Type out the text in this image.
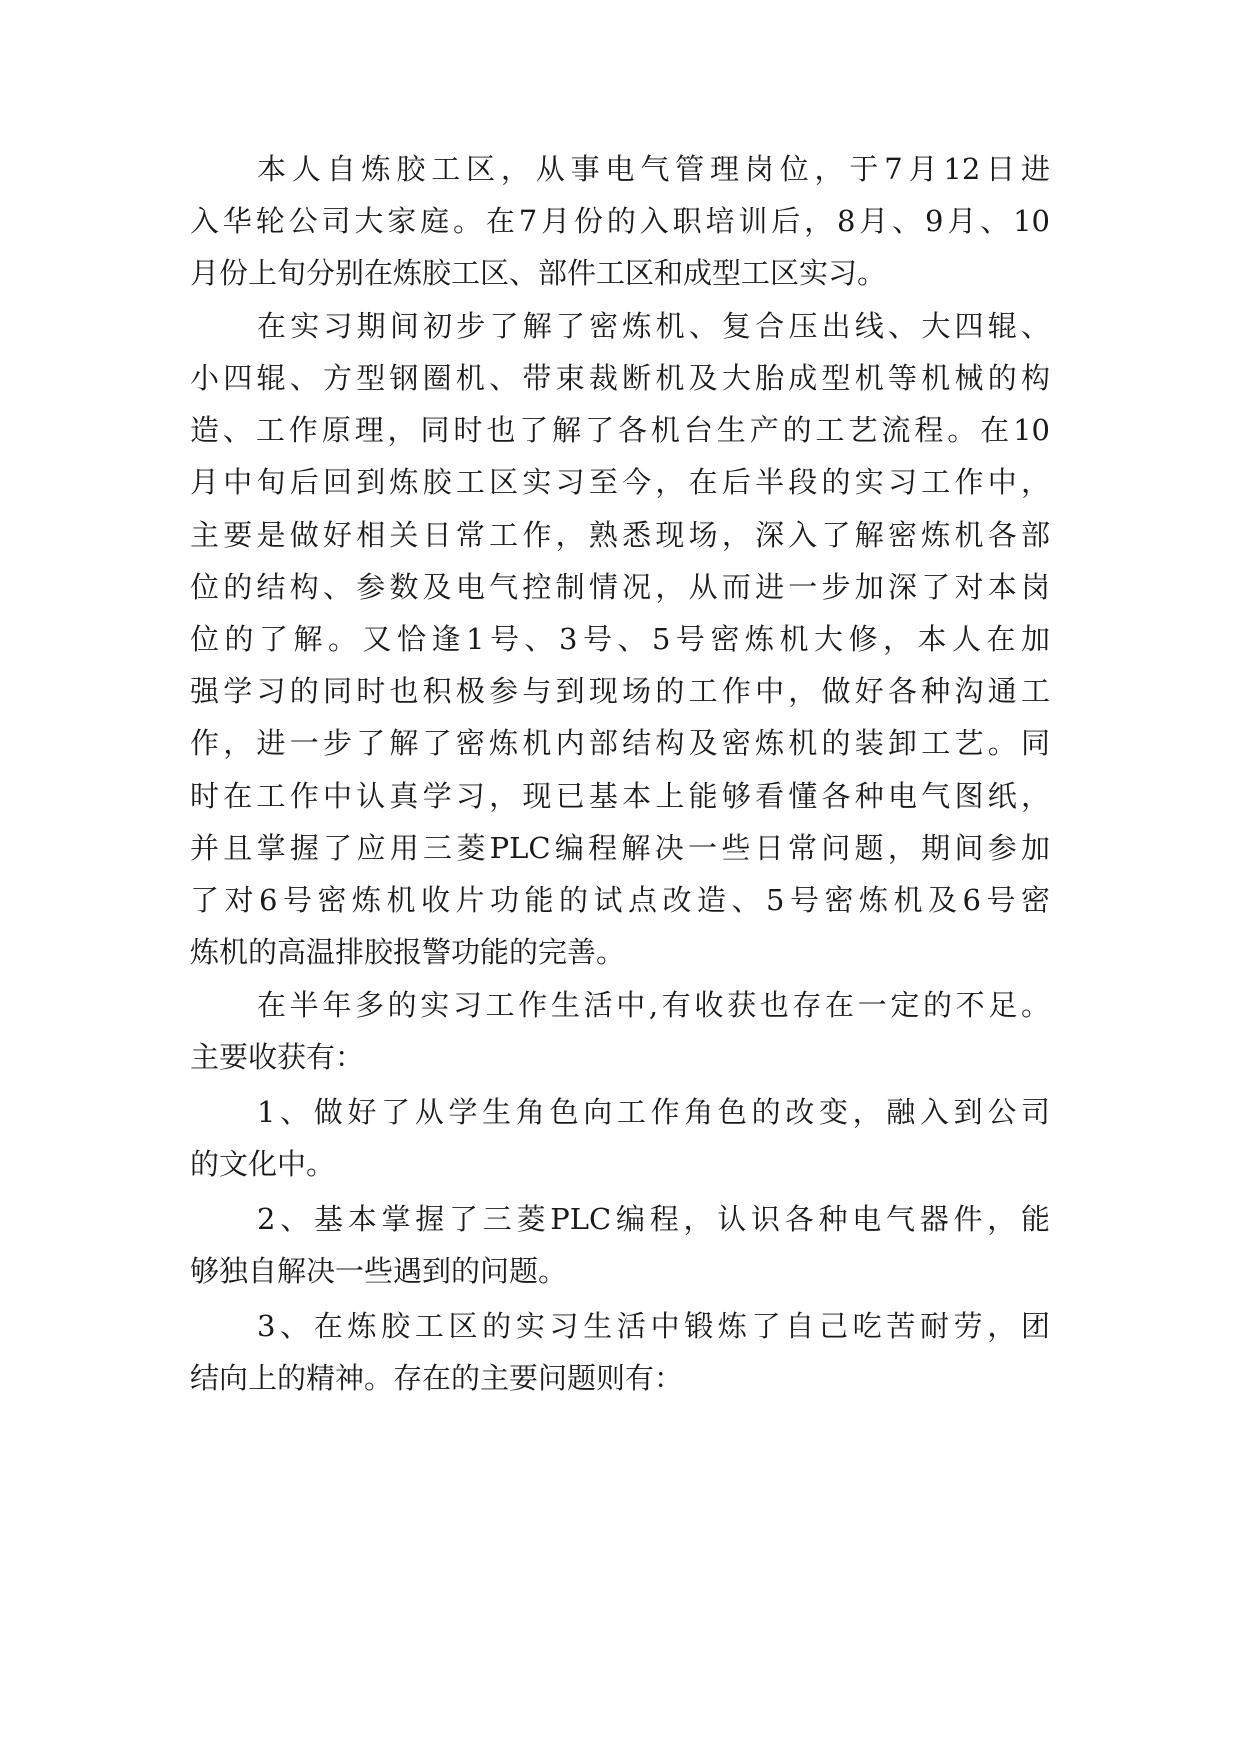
本人自炼胶工区，从事电气管理岗位，于7月12日进

入华轮公司大家庭。在7月份的入职培训后，8月、9月、10

月份上旬分别在炼胶工区、部件工区和成型工区实习。

在实习期间初步了解了密炼机、复合压出线、大四辊、

小四辊、方型钢圈机、带束裁断机及大胎成型机等机械的构

造、工作原理，同时也了解了各机台生产的工艺流程。在10

月中旬后回到炼胶工区实习至今，在后半段的实习工作中，

主要是做好相关日常工作，熟悉现场，深入了解密炼机各部

位的结构、参数及电气控制情况，从而进一步加深了对本岗

位的了解。又恰逢1号、3号、5号密炼机大修，本人在加

强学习的同时也积极参与到现场的工作中，做好各种沟通工

作，进一步了解了密炼机内部结构及密炼机的装卸工艺。同

时在工作中认真学习，现已基本上能够看懂各种电气图纸，

并且掌握了应用三菱PLC编程解决一些日常问题，期间参加

了对6号密炼机收片功能的试点改造、5号密炼机及6号密

炼机的高温排胶报警功能的完善。

在半年多的实习工作生活中,有收获也存在一定的不足。

主要收获有：

1、做好了从学生角色向工作角色的改变，融入到公司

的文化中。

2、基本掌握了三菱PLC编程，认识各种电气器件，能

够独自解决一些遇到的问题。

3、在炼胶工区的实习生活中锻炼了自己吃苦耐劳，团

结向上的精神。存在的主要问题则有：
